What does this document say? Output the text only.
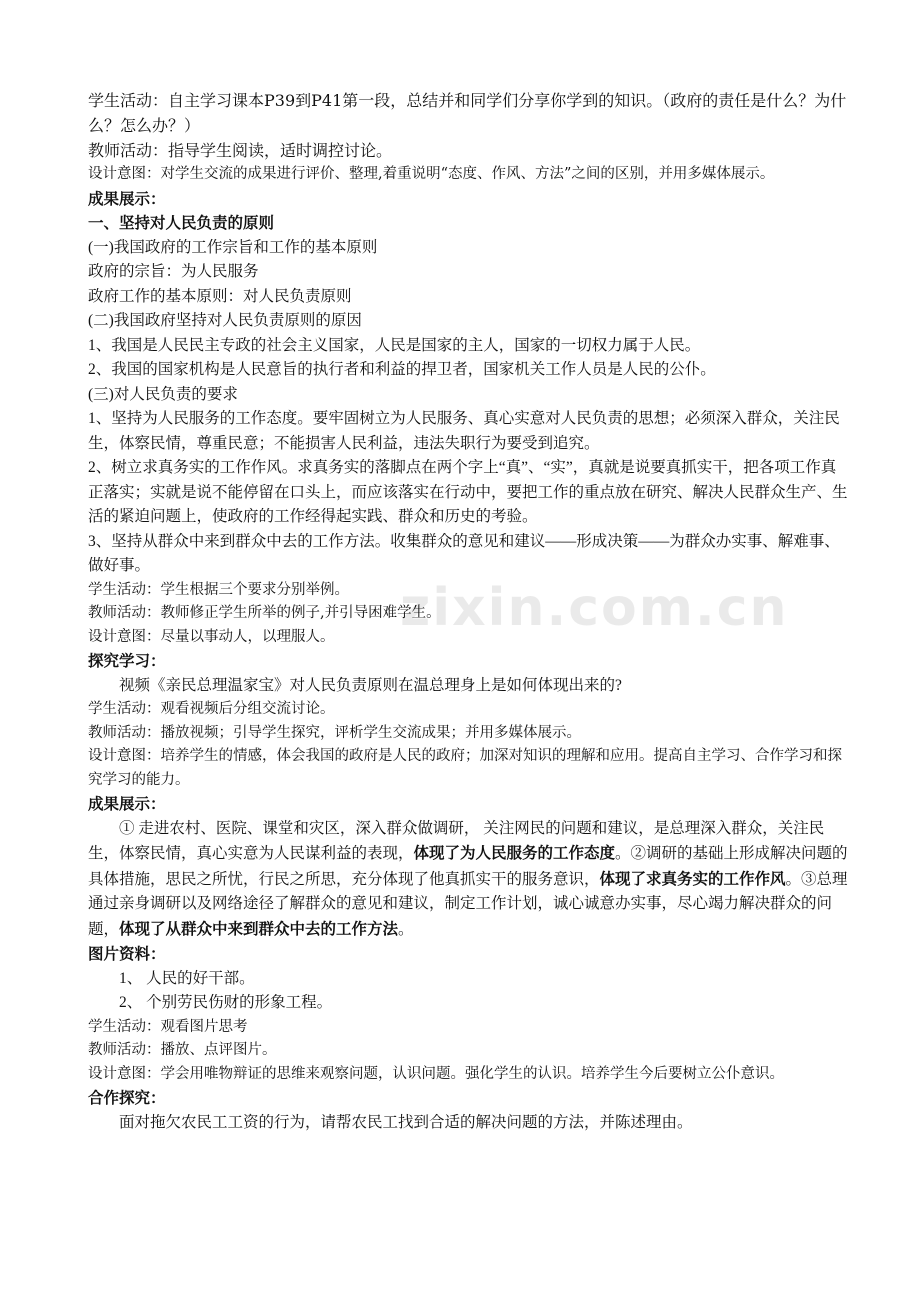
zixin.com.cn

学生活动：自主学习课本P39到P41第一段，总结并和同学们分享你学到的知识。（政府的责任是什么？为什么？怎么办？）

教师活动：指导学生阅读，适时调控讨论。

设计意图：对学生交流的成果进行评价、整理,着重说明“态度、作风、方法”之间的区别，并用多媒体展示。

成果展示：

一、坚持对人民负责的原则

(一)我国政府的工作宗旨和工作的基本原则

政府的宗旨：为人民服务

政府工作的基本原则：对人民负责原则

(二)我国政府坚持对人民负责原则的原因

1、我国是人民民主专政的社会主义国家，人民是国家的主人，国家的一切权力属于人民。

2、我国的国家机构是人民意旨的执行者和利益的捍卫者，国家机关工作人员是人民的公仆。

(三)对人民负责的要求

1、坚持为人民服务的工作态度。要牢固树立为人民服务、真心实意对人民负责的思想；必须深入群众，关注民生，体察民情，尊重民意；不能损害人民利益，违法失职行为要受到追究。

2、树立求真务实的工作作风。求真务实的落脚点在两个字上“真”、“实”，真就是说要真抓实干，把各项工作真正落实；实就是说不能停留在口头上，而应该落实在行动中，要把工作的重点放在研究、解决人民群众生产、生活的紧迫问题上，使政府的工作经得起实践、群众和历史的考验。

3、坚持从群众中来到群众中去的工作方法。收集群众的意见和建议——形成决策——为群众办实事、解难事、做好事。

学生活动：学生根据三个要求分别举例。

教师活动：教师修正学生所举的例子,并引导困难学生。

设计意图：尽量以事动人，以理服人。

探究学习：

视频《亲民总理温家宝》对人民负责原则在温总理身上是如何体现出来的?

学生活动：观看视频后分组交流讨论。

教师活动：播放视频；引导学生探究，评析学生交流成果；并用多媒体展示。

设计意图：培养学生的情感，体会我国的政府是人民的政府；加深对知识的理解和应用。提高自主学习、合作学习和探究学习的能力。

成果展示：

① 走进农村、医院、课堂和灾区，深入群众做调研， 关注网民的问题和建议，是总理深入群众，关注民生，体察民情，真心实意为人民谋利益的表现，体现了为人民服务的工作态度。②调研的基础上形成解决问题的具体措施，思民之所忧，行民之所思，充分体现了他真抓实干的服务意识，体现了求真务实的工作作风。③总理通过亲身调研以及网络途径了解群众的意见和建议，制定工作计划，诚心诚意办实事，尽心竭力解决群众的问题，体现了从群众中来到群众中去的工作方法。

图片资料：

1、 人民的好干部。

2、 个别劳民伤财的形象工程。

学生活动：观看图片思考

教师活动：播放、点评图片。

设计意图：学会用唯物辩证的思维来观察问题，认识问题。强化学生的认识。培养学生今后要树立公仆意识。

合作探究：

面对拖欠农民工工资的行为，请帮农民工找到合适的解决问题的方法，并陈述理由。
